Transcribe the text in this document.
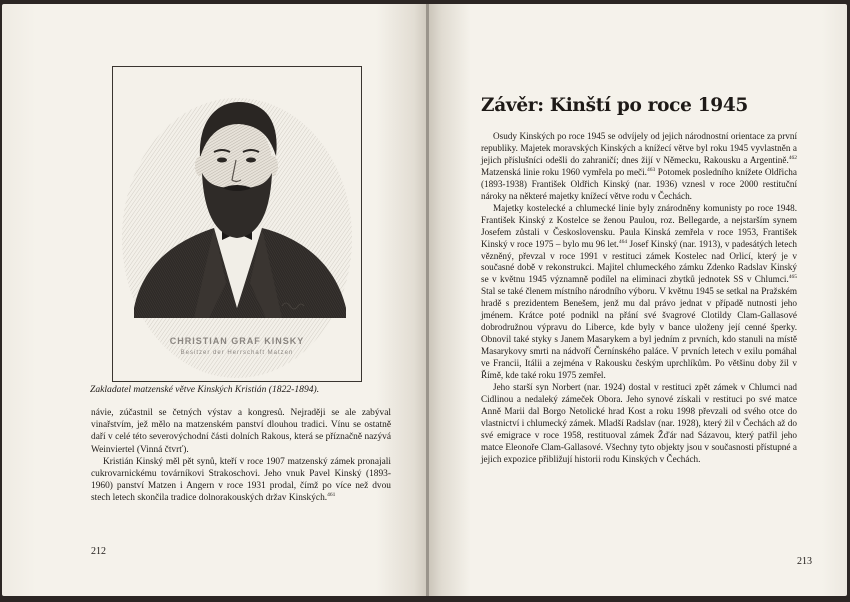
CHRISTIAN GRAF KINSKY
Besitzer der Herrschaft Matzen
Zakladatel matzenské větve Kinských Kristián (1822-1894).

návie, zúčastnil se četných výstav a kongresů. Nejraději se ale zabýval vinařstvím, jež mělo na matzenském panství dlouhou tradici. Vínu se ostatně daří v celé této severovýchodní části dolních Rakous, která se příznačně nazývá Weinviertel (Vinná čtvrť).

Kristián Kinský měl pět synů, kteří v roce 1907 matzenský zámek pronajali cukrovarnickému továrníkovi Strakoschovi. Jeho vnuk Pavel Kinský (1893-1960) panství Matzen i Angern v roce 1931 prodal, čímž po více než dvou stech letech skončila tradice dolnorakouských držav Kinských.$^{461}$

212
Závěr: Kinští po roce 1945

Osudy Kinských po roce 1945 se odvíjely od jejich národnostní orientace za první republiky. Majetek moravských Kinských a knížecí větve byl roku 1945 vyvlastněn a jejich příslušníci odešli do zahraničí; dnes žijí v Německu, Rakousku a Argentině.$^{462}$ Matzenská linie roku 1960 vymřela po meči.$^{463}$ Potomek posledního knížete Oldřicha (1893-1938) František Oldřich Kinský (nar. 1936) vznesl v roce 2000 restituční nároky na některé majetky knížecí větve rodu v Čechách.

Majetky kostelecké a chlumecké linie byly znárodněny komunisty po roce 1948. František Kinský z Kostelce se ženou Paulou, roz. Bellegarde, a nejstarším synem Josefem zůstali v Československu. Paula Kinská zemřela v roce 1953, František Kinský v roce 1975 – bylo mu 96 let.$^{464}$ Josef Kinský (nar. 1913), v padesátých letech vězněný, převzal v roce 1991 v restituci zámek Kostelec nad Orlicí, který je v současné době v rekonstrukci. Majitel chlumeckého zámku Zdenko Radslav Kinský se v květnu 1945 významně podílel na eliminaci zbytků jednotek SS v Chlumci.$^{465}$ Stal se také členem místního národního výboru. V květnu 1945 se setkal na Pražském hradě s prezidentem Benešem, jenž mu dal právo jednat v případě nutnosti jeho jménem. Krátce poté podnikl na přání své švagrové Clotildy Clam-Gallasové dobrodružnou výpravu do Liberce, kde byly v bance uloženy její cenné šperky. Obnovil také styky s Janem Masarykem a byl jedním z prvních, kdo stanuli na místě Masarykovy smrti na nádvoří Černínského paláce. V prvních letech v exilu pomáhal ve Francii, Itálii a zejména v Rakousku českým uprchlíkům. Po většinu doby žil v Římě, kde také roku 1975 zemřel.

Jeho starší syn Norbert (nar. 1924) dostal v restituci zpět zámek v Chlumci nad Cidlinou a nedaleký zámeček Obora. Jeho synové získali v restituci po své matce Anně Marii dal Borgo Netolické hrad Kost a roku 1998 převzali od svého otce do vlastnictví i chlumecký zámek. Mladší Radslav (nar. 1928), který žil v Čechách až do své emigrace v roce 1958, restituoval zámek Žďár nad Sázavou, který patřil jeho matce Eleonoře Clam-Gallasové. Všechny tyto objekty jsou v současnosti přístupné a jejich expozice přibližují historii rodu Kinských v Čechách.

213
